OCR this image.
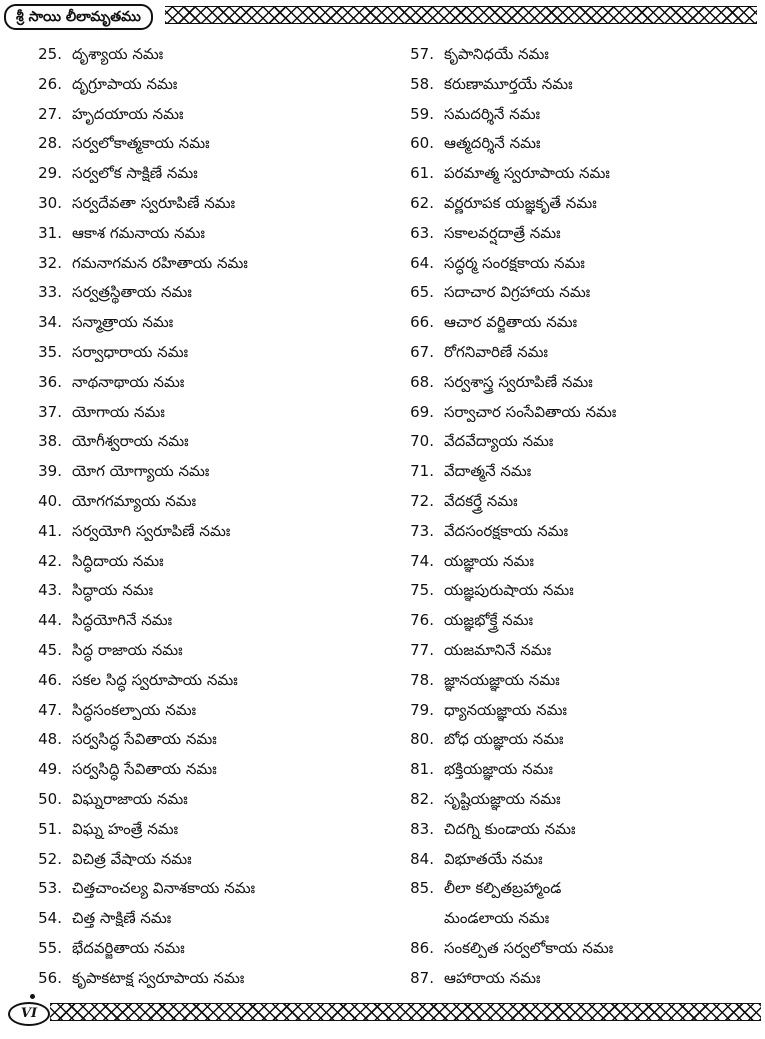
శ్రీ సాయి లీలామృతము
25. దృశ్యాయ నమః
26. దృగ్రూపాయ నమః
27. హృదయాయ నమః
28. సర్వలోకాత్మకాయ నమః
29. సర్వలోక సాక్షిణే నమః
30. సర్వదేవతా స్వరూపిణే నమః
31. ఆకాశ గమనాయ నమః
32. గమనాగమన రహితాయ నమః
33. సర్వత్రస్థితాయ నమః
34. సన్మాత్రాయ నమః
35. సర్వాధారాయ నమః
36. నాథనాథాయ నమః
37. యోగాయ నమః
38. యోగీశ్వరాయ నమః
39. యోగ యోగ్యాయ నమః
40. యోగగమ్యాయ నమః
41. సర్వయోగి స్వరూపిణే నమః
42. సిద్ధిదాయ నమః
43. సిద్ధాయ నమః
44. సిద్ధయోగినే నమః
45. సిద్ధ రాజాయ నమః
46. సకల సిద్ధ స్వరూపాయ నమః
47. సిద్ధసంకల్పాయ నమః
48. సర్వసిద్ధ సేవితాయ నమః
49. సర్వసిద్ధి సేవితాయ నమః
50. విఘ్నరాజాయ నమః
51. విఘ్న హంత్రే నమః
52. విచిత్ర వేషాయ నమః
53. చిత్తచాంచల్య వినాశకాయ నమః
54. చిత్త సాక్షిణే నమః
55. భేదవర్జితాయ నమః
56. కృపాకటాక్ష స్వరూపాయ నమః
57. కృపానిధయే నమః
58. కరుణామూర్తయే నమః
59. సమదర్శినే నమః
60. ఆత్మదర్శినే నమః
61. పరమాత్మ స్వరూపాయ నమః
62. వర్ణరూపక యజ్ఞకృతే నమః
63. సకాలవర్షదాత్రే నమః
64. సద్ధర్మ సంరక్షకాయ నమః
65. సదాచార విగ్రహాయ నమః
66. ఆచార వర్జితాయ నమః
67. రోగనివారిణే నమః
68. సర్వశాస్త్ర స్వరూపిణే నమః
69. సర్వాచార సంసేవితాయ నమః
70. వేదవేద్యాయ నమః
71. వేదాత్మనే నమః
72. వేదకర్త్రే నమః
73. వేదసంరక్షకాయ నమః
74. యజ్ఞాయ నమః
75. యజ్ఞపురుషాయ నమః
76. యజ్ఞభోక్త్రే నమః
77. యజమానినే నమః
78. జ్ఞానయజ్ఞాయ నమః
79. ధ్యానయజ్ఞాయ నమః
80. బోధ యజ్ఞాయ నమః
81. భక్తియజ్ఞాయ నమః
82. సృష్టియజ్ఞాయ నమః
83. చిదగ్ని కుండాయ నమః
84. విభూతయే నమః
85. లీలా కల్పితబ్రహ్మాండ
మండలాయ నమః
86. సంకల్పిత సర్వలోకాయ నమః
87. ఆహారాయ నమః
VI
